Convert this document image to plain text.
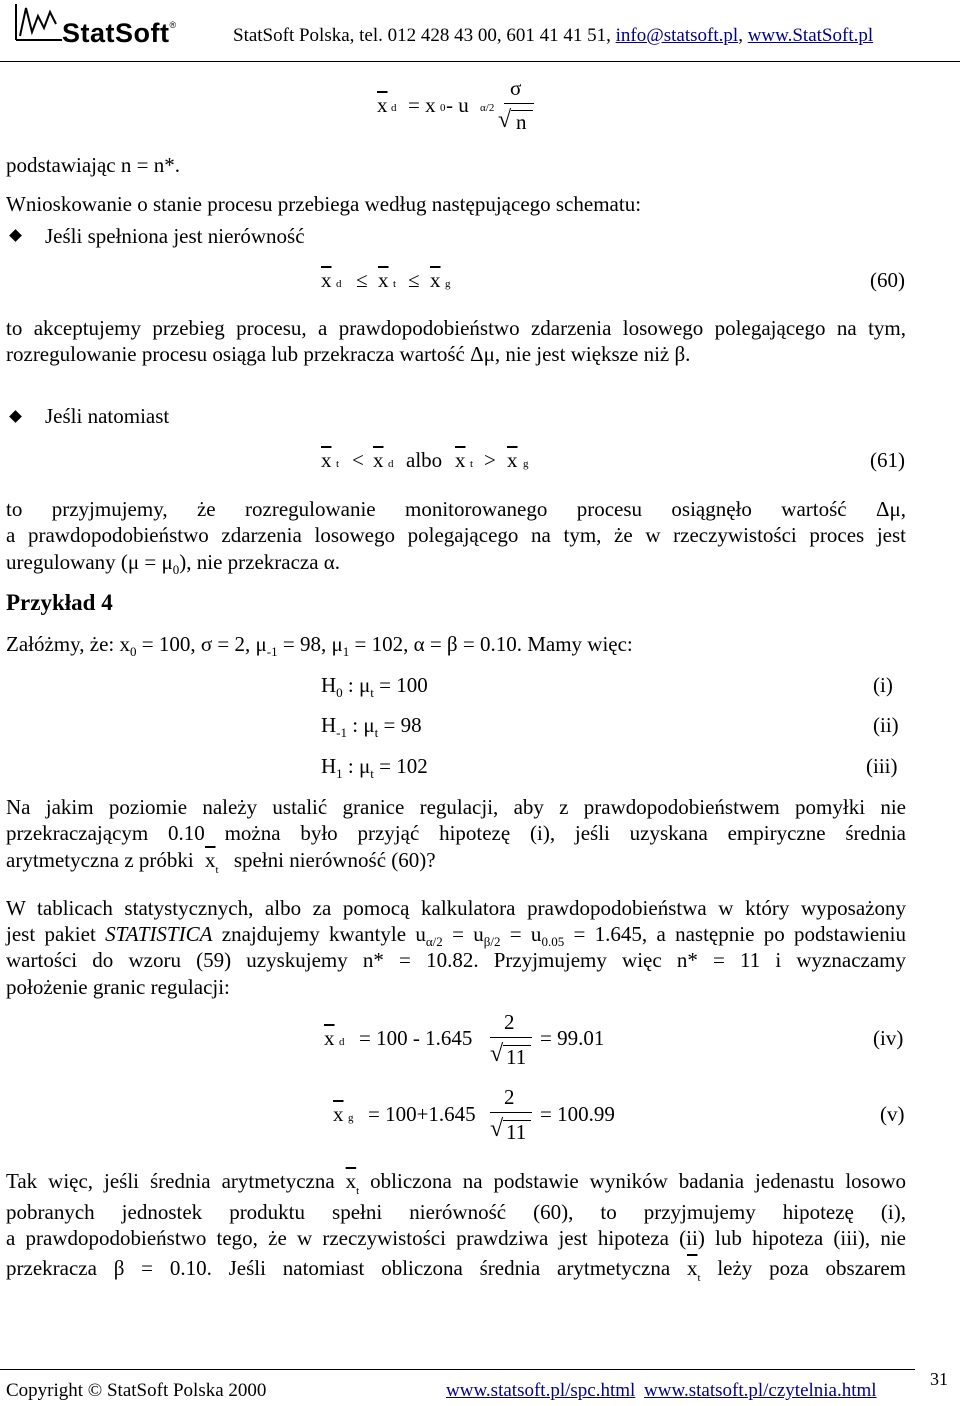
StatSoft®	StatSoft Polska, tel. 012 428 43 00, 601 41 41 51, info@statsoft.pl, www.StatSoft.pl
$\overline{x}$ d = x 0 - u α/2
σ
√ n
podstawiając n = n*.
Wnioskowanie o stanie procesu przebiega według następującego schematu:
Jeśli spełniona jest nierówność
$\overline{x}$ $d \le \overline{x}$ $t \le \overline{x}$ g	(60)
to akceptujemy przebieg procesu, a prawdopodobieństwo zdarzenia losowego polegającego na tym,
rozregulowanie procesu osiąga lub przekracza wartość Δμ, nie jest większe niż β.
Jeśli natomiast
$\overline{x}$ $t < \overline{x}$ d albo $\overline{x}$ $t > \overline{x}$ g	(61)
to przyjmujemy, że rozregulowanie monitorowanego procesu osiągnęło wartość Δμ,
a prawdopodobieństwo zdarzenia losowego polegającego na tym, że w rzeczywistości proces jest
uregulowany $(\mu = \mu_0)$, nie przekracza α.
Przykład 4
Załóżmy, że: $x_0 = 100$, σ = 2, $\mu_{-1} = 98$, $\mu_1 = 102$, α = β = 0.10. Mamy więc:
$H_0$ : $\mu_t = 100$	(i)
$H_{-1}$ : $\mu_t = 98$	(ii)
$H_1$ : $\mu_t = 102$	(iii)
Na jakim poziomie należy ustalić granice regulacji, aby z prawdopodobieństwem pomyłki nie
przekraczającym 0.10 można było przyjąć hipotezę (i), jeśli uzyskana empiryczne średnia
arytmetyczna z próbki $\overline{x}_t$ spełni nierówność (60)?
W tablicach statystycznych, albo za pomocą kalkulatora prawdopodobieństwa w który wyposażony
jest pakiet STATISTICA znajdujemy kwantyle $u_{\alpha/2} = u_{\beta/2} = u_{0.05} = 1.645$, a następnie po podstawieniu
wartości do wzoru (59) uzyskujemy n* = 10.82. Przyjmujemy więc n* = 11 i wyznaczamy
położenie granic regulacji:
$\overline{x}$ d = 100 - 1.645
2
√ 11
= 99.01	(iv)
$\overline{x}$ g = 100+1.645
2
√ 11
= 100.99	(v)
Tak więc, jeśli średnia arytmetyczna $\overline{x}_t$ obliczona na podstawie wyników badania jedenastu losowo
pobranych jednostek produktu spełni nierówność (60), to przyjmujemy hipotezę (i),
a prawdopodobieństwo tego, że w rzeczywistości prawdziwa jest hipoteza (ii) lub hipoteza (iii), nie
przekracza β = 0.10. Jeśli natomiast obliczona średnia arytmetyczna $\overline{x}_t$ leży poza obszarem
Copyright © StatSoft Polska 2000	www.statsoft.pl/spc.html www.statsoft.pl/czytelnia.html
31
